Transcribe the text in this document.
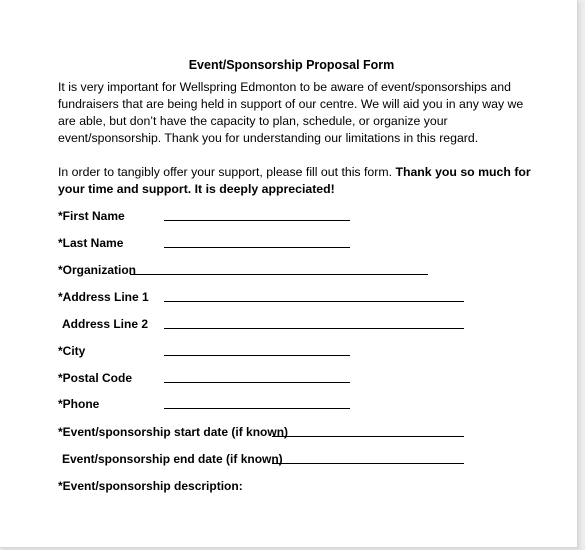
Event/Sponsorship Proposal Form
It is very important for Wellspring Edmonton to be aware of event/sponsorships and fundraisers that are being held in support of our centre. We will aid you in any way we are able, but don’t have the capacity to plan, schedule, or organize your event/sponsorship. Thank you for understanding our limitations in this regard.
In order to tangibly offer your support, please fill out this form. Thank you so much for your time and support. It is deeply appreciated!
*First Name
*Last Name
*Organization
*Address Line 1
Address Line 2
*City
*Postal Code
*Phone
*Event/sponsorship start date (if known)
Event/sponsorship end date (if known)
*Event/sponsorship description:
